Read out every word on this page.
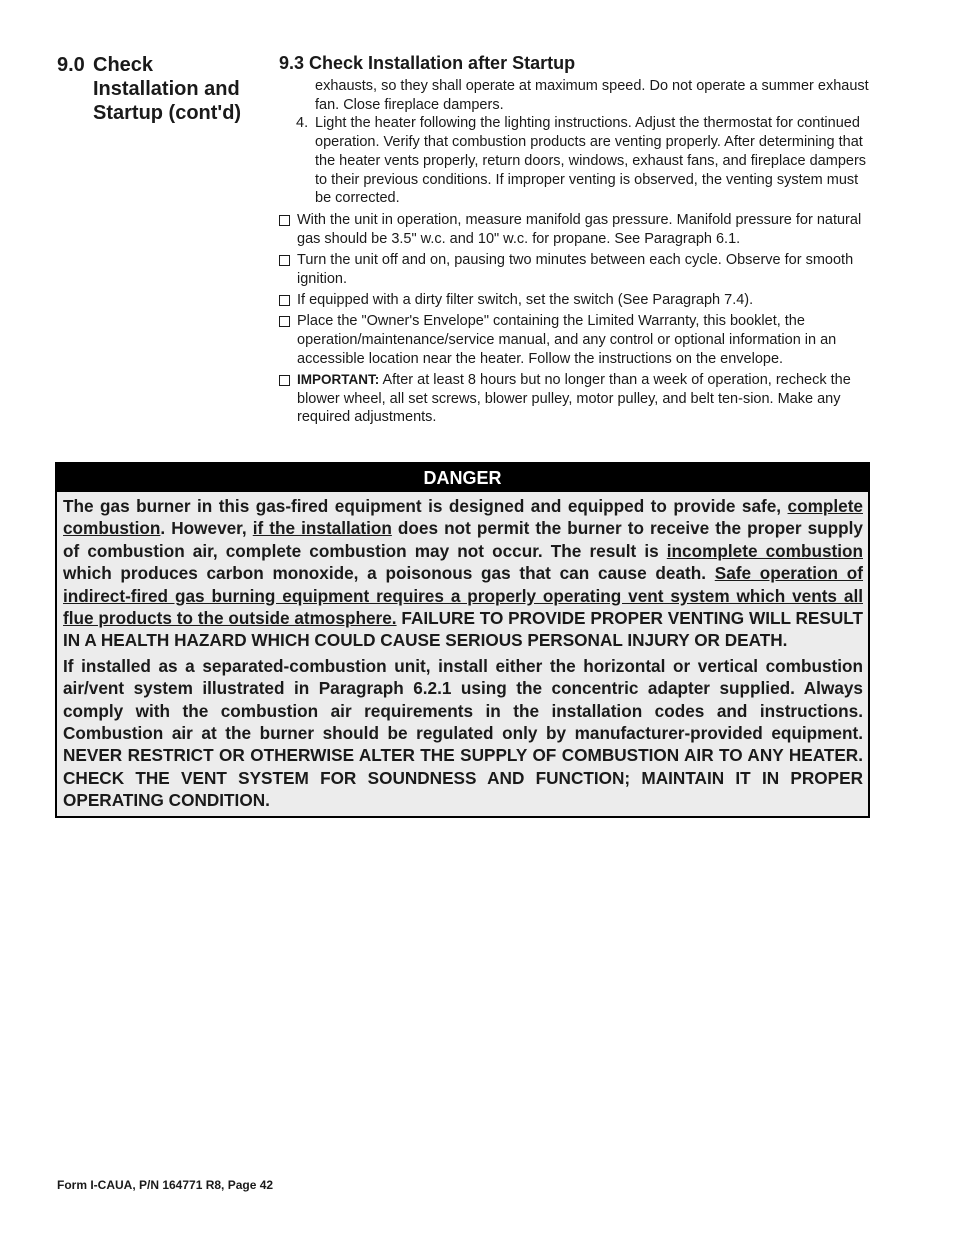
9.0 Check Installation and Startup (cont'd)
9.3 Check Installation after Startup
exhausts, so they shall operate at maximum speed. Do not operate a summer exhaust fan. Close fireplace dampers.
4. Light the heater following the lighting instructions. Adjust the thermostat for continued operation. Verify that combustion products are venting properly. After determining that the heater vents properly, return doors, windows, exhaust fans, and fireplace dampers to their previous conditions. If improper venting is observed, the venting system must be corrected.
With the unit in operation, measure manifold gas pressure. Manifold pressure for natural gas should be 3.5" w.c. and 10" w.c. for propane. See Paragraph 6.1.
Turn the unit off and on, pausing two minutes between each cycle. Observe for smooth ignition.
If equipped with a dirty filter switch, set the switch (See Paragraph 7.4).
Place the "Owner's Envelope" containing the Limited Warranty, this booklet, the operation/maintenance/service manual, and any control or optional information in an accessible location near the heater. Follow the instructions on the envelope.
IMPORTANT: After at least 8 hours but no longer than a week of operation, recheck the blower wheel, all set screws, blower pulley, motor pulley, and belt ten-sion. Make any required adjustments.
DANGER

The gas burner in this gas-fired equipment is designed and equipped to provide safe, complete combustion. However, if the installation does not permit the burner to receive the proper supply of combustion air, complete combustion may not occur. The result is incomplete combustion which produces carbon monoxide, a poisonous gas that can cause death. Safe operation of indirect-fired gas burning equipment requires a properly operating vent system which vents all flue products to the outside atmosphere. FAILURE TO PROVIDE PROPER VENTING WILL RESULT IN A HEALTH HAZARD WHICH COULD CAUSE SERIOUS PERSONAL INJURY OR DEATH.

If installed as a separated-combustion unit, install either the horizontal or vertical combustion air/vent system illustrated in Paragraph 6.2.1 using the concentric adapter supplied. Always comply with the combustion air requirements in the installation codes and instructions. Combustion air at the burner should be regulated only by manufacturer-provided equipment. NEVER RESTRICT OR OTHERWISE ALTER THE SUPPLY OF COMBUSTION AIR TO ANY HEATER. CHECK THE VENT SYSTEM FOR SOUNDNESS AND FUNCTION; MAINTAIN IT IN PROPER OPERATING CONDITION.

Form I-CAUA, P/N 164771 R8, Page 42
